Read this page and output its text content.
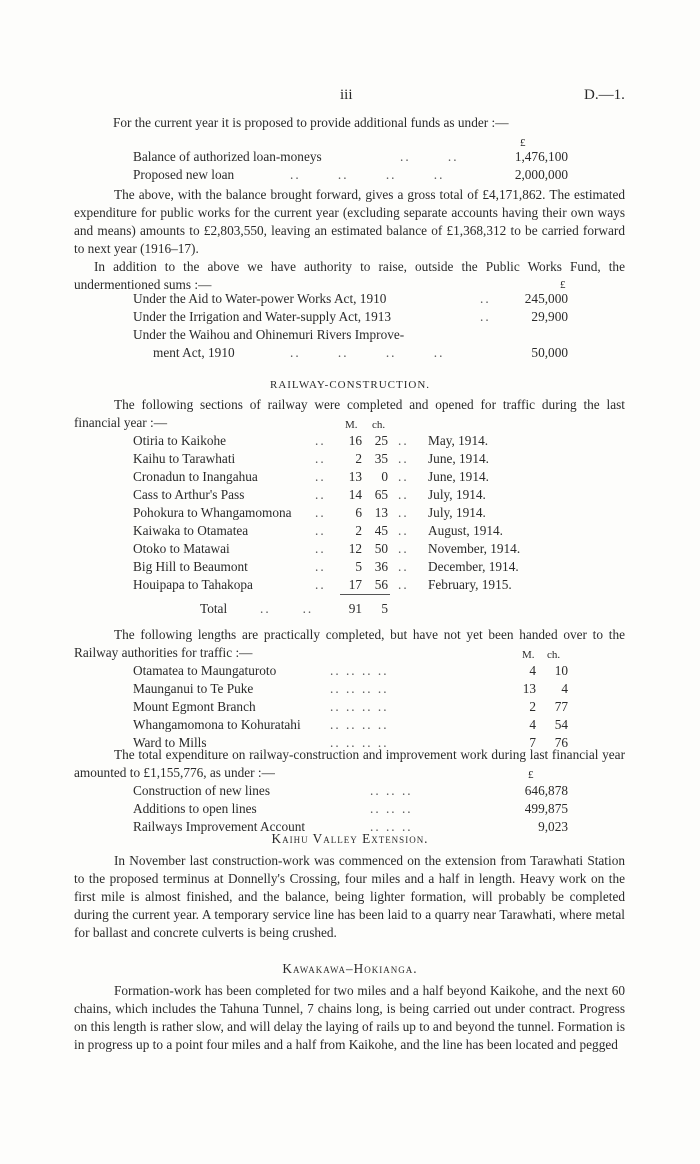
iii	D.—1.
For the current year it is proposed to provide additional funds as under :—
£
Balance of authorized loan-moneys	..       ..	1,476,100
Proposed new loan	..       ..       ..       ..	2,000,000
The above, with the balance brought forward, gives a gross total of £4,171,862. The estimated expenditure for public works for the current year (excluding separate accounts having their own ways and means) amounts to £2,803,550, leaving an estimated balance of £1,368,312 to be carried forward to next year (1916–17).
In addition to the above we have authority to raise, outside the Public Works Fund, the undermentioned sums :—	£
Under the Aid to Water-power Works Act, 1910	..	245,000
Under the Irrigation and Water-supply Act, 1913	..	29,900
Under the Waihou and Ohinemuri Rivers Improve-
ment Act, 1910	..       ..       ..       ..	50,000
RAILWAY-CONSTRUCTION.
The following sections of railway were completed and opened for traffic during the last financial year :—	M. ch.
Otiria to Kaikohe	..	16 25 .. May, 1914.
Kaihu to Tarawhati	..	2 35 .. June, 1914.
Cronadun to Inangahua	..	13	0 .. June, 1914.
Cass to Arthur's Pass	..	14 65 .. July, 1914.
Pohokura to Whangamomona ..	6 13 .. July, 1914.
Kaiwaka to Otamatea	..	2 45 .. August, 1914.
Otoko to Matawai	..	12 50 .. November, 1914.
Big Hill to Beaumont	..	5 36 .. December, 1914.
Houipapa to Tahakopa	..	17 56 .. February, 1915.
Total ..      ..	91	5
The following lengths are practically completed, but have not yet been handed over to the Railway authorities for traffic :—	M. ch.
Otamatea to Maungaturoto	.. .. .. ..	4	10
Maunganui to Te Puke	.. .. .. ..	13	4
Mount Egmont Branch	.. .. .. ..	2	77
Whangamomona to Kohuratahi .. .. .. ..	4	54
Ward to Mills	.. .. .. ..	7	76
The total expenditure on railway-construction and improvement work during last financial year amounted to £1,155,776, as under :—	£
Construction of new lines	.. .. ..	646,878
Additions to open lines	.. .. ..	499,875
Railways Improvement Account	.. .. ..	9,023
Kaihu Valley Extension.
In November last construction-work was commenced on the extension from Tarawhati Station to the proposed terminus at Donnelly's Crossing, four miles and a half in length. Heavy work on the first mile is almost finished, and the balance, being lighter formation, will probably be completed during the current year. A temporary service line has been laid to a quarry near Tarawhati, where metal for ballast and concrete culverts is being crushed.
Kawakawa–Hokianga.
Formation-work has been completed for two miles and a half beyond Kaikohe, and the next 60 chains, which includes the Tahuna Tunnel, 7 chains long, is being carried out under contract. Progress on this length is rather slow, and will delay the laying of rails up to and beyond the tunnel. Formation is in progress up to a point four miles and a half from Kaikohe, and the line has been located and pegged
